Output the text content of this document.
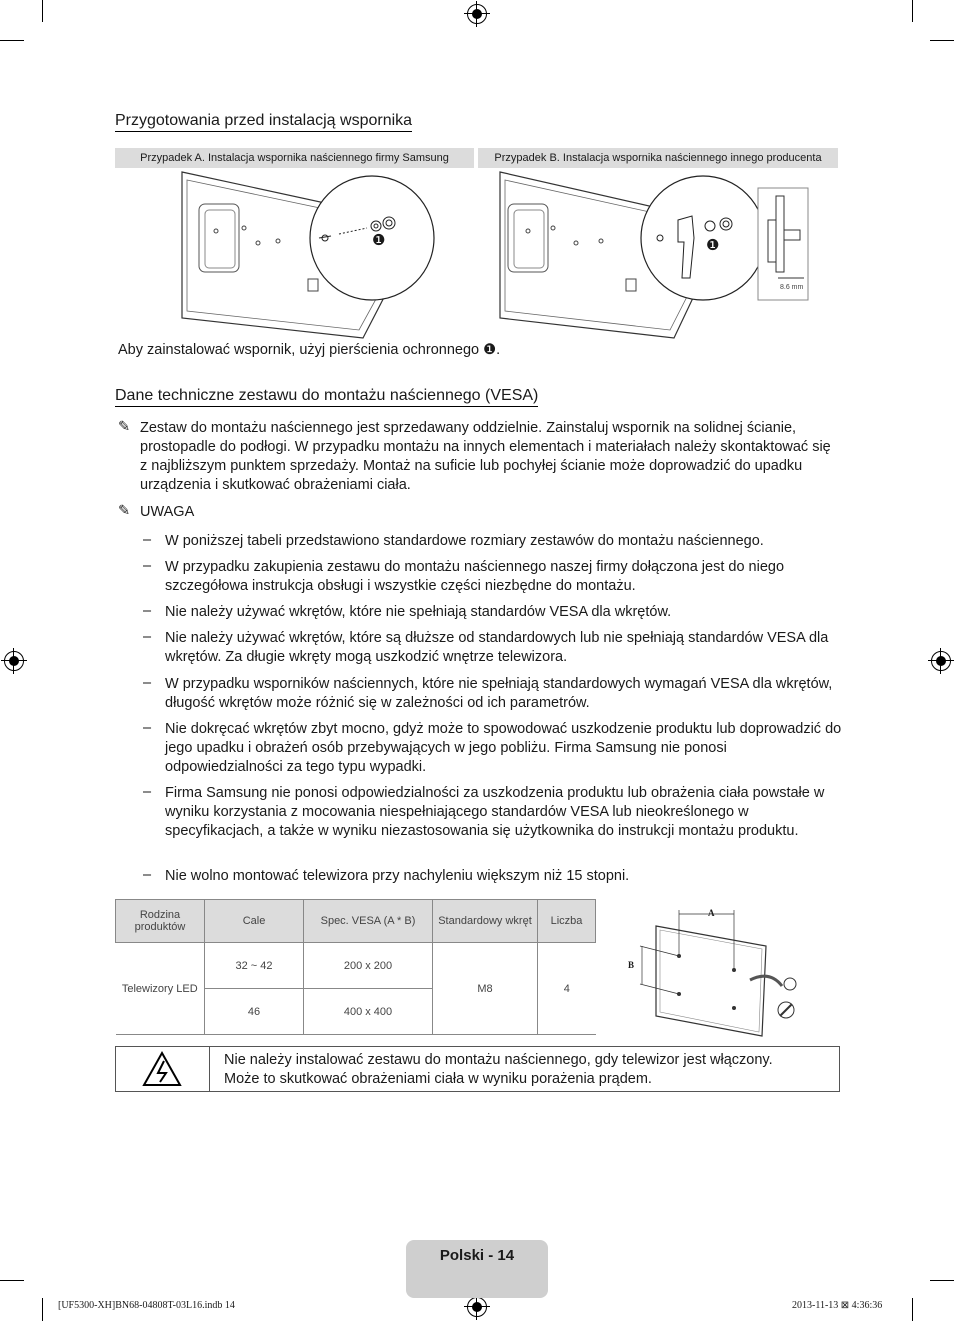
Przygotowania przed instalacją wspornika
Przypadek A. Instalacja wspornika naściennego firmy Samsung	Przypadek B. Instalacja wspornika naściennego innego producenta
❶	❶
8.6 mm
Aby zainstalować wspornik, użyj pierścienia ochronnego ❶.
Dane techniczne zestawu do montażu naściennego (VESA)
✎ Zestaw do montażu naściennego jest sprzedawany oddzielnie. Zainstaluj wspornik na solidnej ścianie, prostopadle do podłogi. W przypadku montażu na innych elementach i materiałach należy skontaktować się z najbliższym punktem sprzedaży. Montaż na suficie lub pochyłej ścianie może doprowadzić do upadku urządzenia i skutkować obrażeniami ciała.
✎ UWAGA
– W poniższej tabeli przedstawiono standardowe rozmiary zestawów do montażu naściennego.
– W przypadku zakupienia zestawu do montażu naściennego naszej firmy dołączona jest do niego szczegółowa instrukcja obsługi i wszystkie części niezbędne do montażu.
– Nie należy używać wkrętów, które nie spełniają standardów VESA dla wkrętów.
– Nie należy używać wkrętów, które są dłuższe od standardowych lub nie spełniają standardów VESA dla wkrętów. Za długie wkręty mogą uszkodzić wnętrze telewizora.
– W przypadku wsporników naściennych, które nie spełniają standardowych wymagań VESA dla wkrętów, długość wkrętów może różnić się w zależności od ich parametrów.
– Nie dokręcać wkrętów zbyt mocno, gdyż może to spowodować uszkodzenie produktu lub doprowadzić do jego upadku i obrażeń osób przebywających w jego pobliżu. Firma Samsung nie ponosi odpowiedzialności za tego typu wypadki.
– Firma Samsung nie ponosi odpowiedzialności za uszkodzenia produktu lub obrażenia ciała powstałe w wyniku korzystania z mocowania niespełniającego standardów VESA lub nieokreślonego w specyfikacjach, a także w wyniku niezastosowania się użytkownika do instrukcji montażu produktu.
– Nie wolno montować telewizora przy nachyleniu większym niż 15 stopni.
Rodzina produktów	Cale	Spec. VESA (A * B)	Standardowy wkręt	Liczba
Telewizory LED	32 ~ 42	200 x 200	M8	4
	46	400 x 400		
A
B
Nie należy instalować zestawu do montażu naściennego, gdy telewizor jest włączony.
Może to skutkować obrażeniami ciała w wyniku porażenia prądem.
Polski - 14
[UF5300-XH]BN68-04808T-03L16.indb 14	2013-11-13 ⊠ 4:36:36
